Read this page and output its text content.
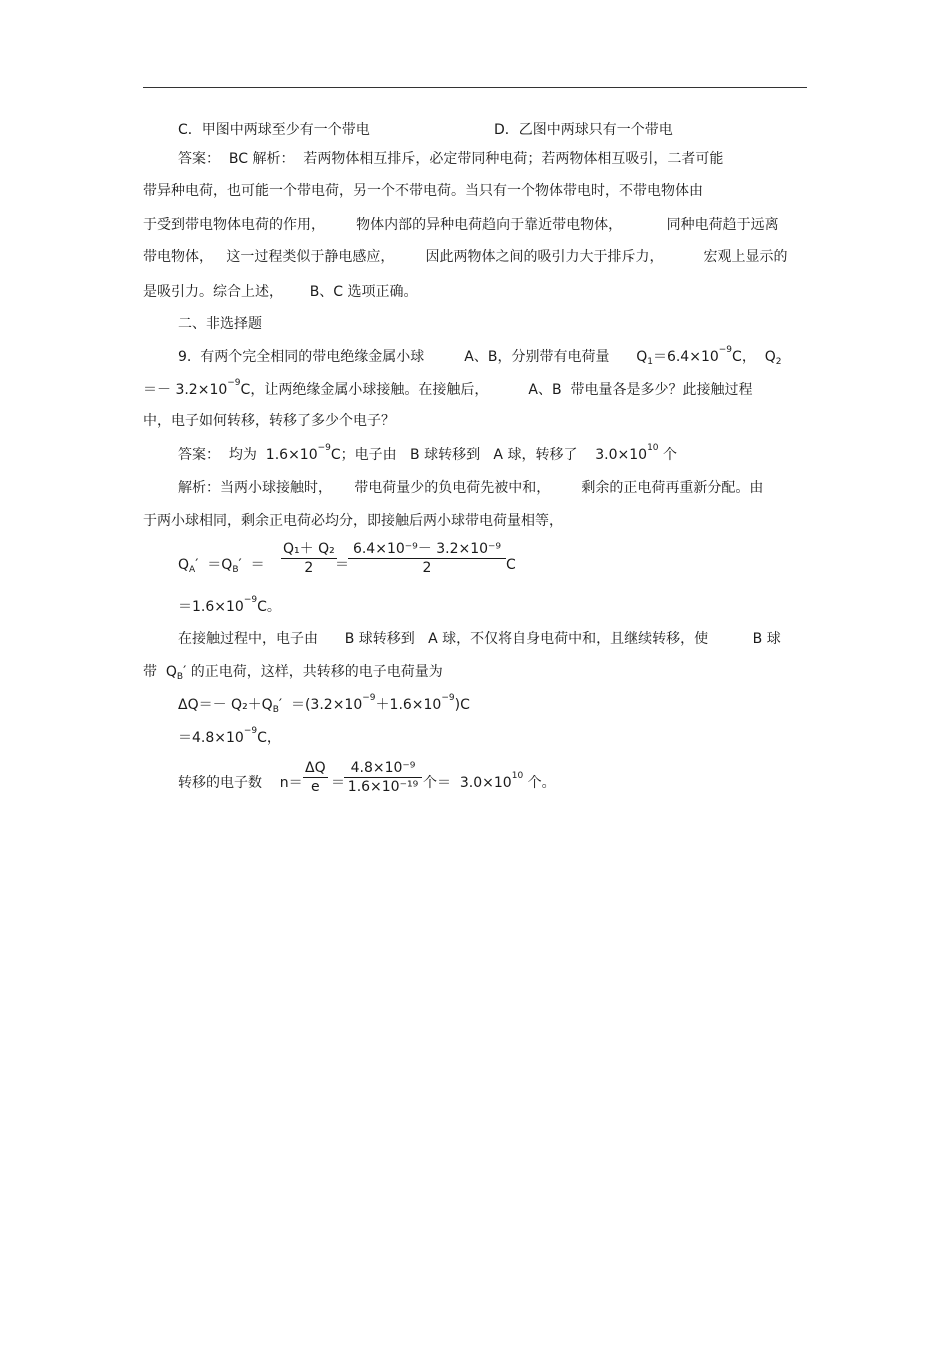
C．甲图中两球至少有一个带电	D．乙图中两球只有一个带电
答案：  BC 解析：  若两物体相互排斥，必定带同种电荷；若两物体相互吸引，二者可能
带异种电荷，也可能一个带电荷，另一个不带电荷。当只有一个物体带电时，不带电物体由
于受到带电物体电荷的作用，       物体内部的异种电荷趋向于靠近带电物体，          同种电荷趋于远离
带电物体，   这一过程类似于静电感应，       因此两物体之间的吸引力大于排斥力，         宏观上显示的
是吸引力。综合上述，      B、C 选项正确。
二、非选择题
9.  有两个完全相同的带电绝缘金属小球         A、B，分别带有电荷量      $Q_1=6.4\times 10^{-9}C$，  $Q_2$
＝－ $3.2\times 10^{-9}C$，让两绝缘金属小球接触。在接触后，         A、B  带电量各是多少？此接触过程
中，电子如何转移，转移了多少个电子？
答案：  均为  $1.6\times 10^{-9}C$；电子由   B 球转移到   A 球，转移了    $3.0\times 10^{10}$ 个
解析：当两小球接触时，     带电荷量少的负电荷先被中和，       剩余的正电荷再重新分配。由
于两小球相同，剩余正电荷必均分，即接触后两小球带电荷量相等，
$Q_A' =Q_B'$  ＝
Q₁＋ Q₂
2	＝
6.4×10⁻⁹－ 3.2×10⁻⁹
2	C
$=1.6\times 10^{-9}C$。
在接触过程中，电子由      B 球转移到   A 球，不仅将自身电荷中和，且继续转移，使          B 球
带  $Q_B'$ 的正电荷，这样，共转移的电子电荷量为
$\Delta Q=- Q_2+Q_B' =(3.2\times 10^{-9}+1.6\times 10^{-9})C$
$=4.8\times 10^{-9}C$，
转移的电子数    n＝
ΔQ
e ＝
4.8×10⁻⁹
1.6×10⁻¹⁹ 个＝  $3.0\times 10^{10}$ 个。
